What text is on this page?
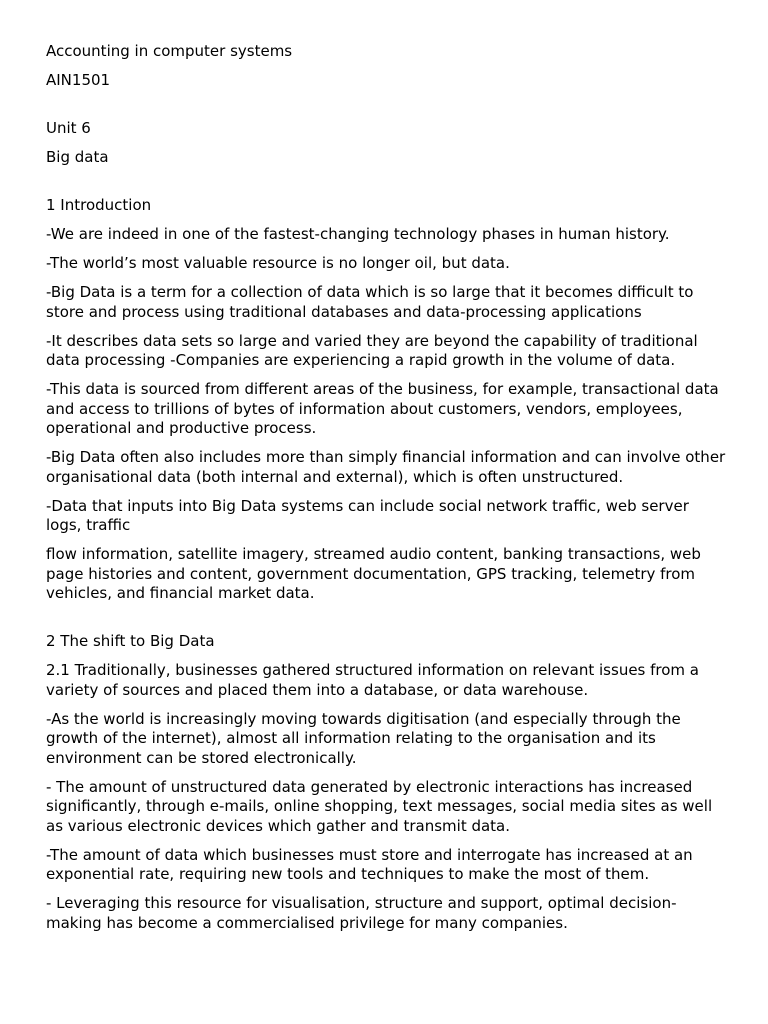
Accounting in computer systems

AIN1501

Unit 6

Big data

1 Introduction

-We are indeed in one of the fastest-changing technology phases in human history.

-The world’s most valuable resource is no longer oil, but data.

-Big Data is a term for a collection of data which is so large that it becomes difficult to store and process using traditional databases and data-processing applications

-It describes data sets so large and varied they are beyond the capability of traditional data processing -Companies are experiencing a rapid growth in the volume of data.

-This data is sourced from different areas of the business, for example, transactional data and access to trillions of bytes of information about customers, vendors, employees, operational and productive process.

-Big Data often also includes more than simply financial information and can involve other organisational data (both internal and external), which is often unstructured.

-Data that inputs into Big Data systems can include social network traffic, web server logs, traffic

flow information, satellite imagery, streamed audio content, banking transactions, web page histories and content, government documentation, GPS tracking, telemetry from vehicles, and financial market data.

2 The shift to Big Data

2.1 Traditionally, businesses gathered structured information on relevant issues from a variety of sources and placed them into a database, or data warehouse.

-As the world is increasingly moving towards digitisation (and especially through the growth of the internet), almost all information relating to the organisation and its environment can be stored electronically.

- The amount of unstructured data generated by electronic interactions has increased significantly, through e-mails, online shopping, text messages, social media sites as well as various electronic devices which gather and transmit data.

-The amount of data which businesses must store and interrogate has increased at an exponential rate, requiring new tools and techniques to make the most of them.

- Leveraging this resource for visualisation, structure and support, optimal decision-making has become a commercialised privilege for many companies.
